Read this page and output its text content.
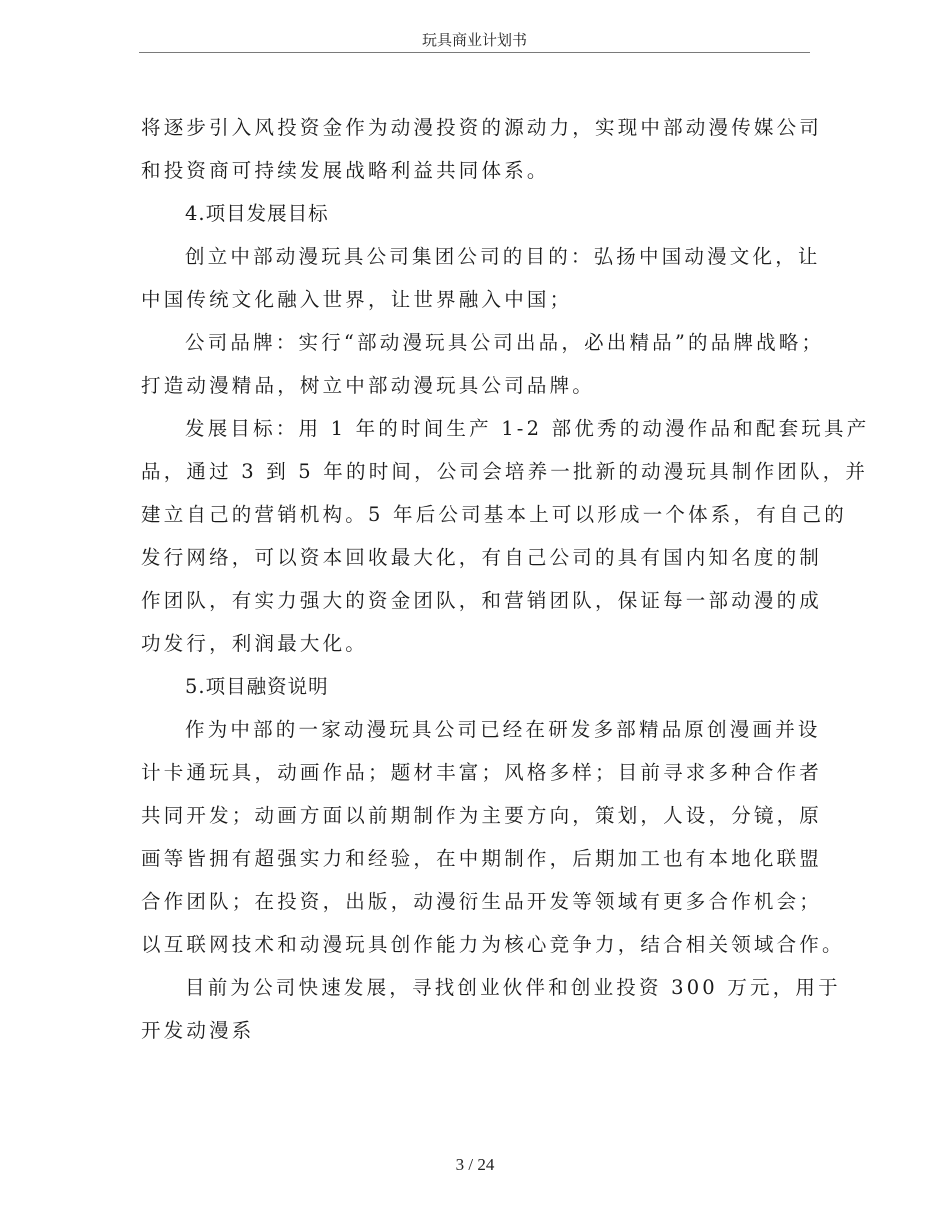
玩具商业计划书
将逐步引入风投资金作为动漫投资的源动力，实现中部动漫传媒公司
和投资商可持续发展战略利益共同体系。
4.项目发展目标
创立中部动漫玩具公司集团公司的目的：弘扬中国动漫文化，让
中国传统文化融入世界，让世界融入中国；
公司品牌：实行“部动漫玩具公司出品，必出精品”的品牌战略；
打造动漫精品，树立中部动漫玩具公司品牌。
发展目标：用 1 年的时间生产 1-2 部优秀的动漫作品和配套玩具产
品，通过 3 到 5 年的时间，公司会培养一批新的动漫玩具制作团队，并
建立自己的营销机构。5 年后公司基本上可以形成一个体系，有自己的
发行网络，可以资本回收最大化，有自己公司的具有国内知名度的制
作团队，有实力强大的资金团队，和营销团队，保证每一部动漫的成
功发行，利润最大化。
5.项目融资说明
作为中部的一家动漫玩具公司已经在研发多部精品原创漫画并设
计卡通玩具，动画作品；题材丰富；风格多样；目前寻求多种合作者
共同开发；动画方面以前期制作为主要方向，策划，人设，分镜，原
画等皆拥有超强实力和经验，在中期制作，后期加工也有本地化联盟
合作团队；在投资，出版，动漫衍生品开发等领域有更多合作机会；
以互联网技术和动漫玩具创作能力为核心竞争力，结合相关领域合作。
目前为公司快速发展，寻找创业伙伴和创业投资 300 万元，用于
开发动漫系
3 / 24
